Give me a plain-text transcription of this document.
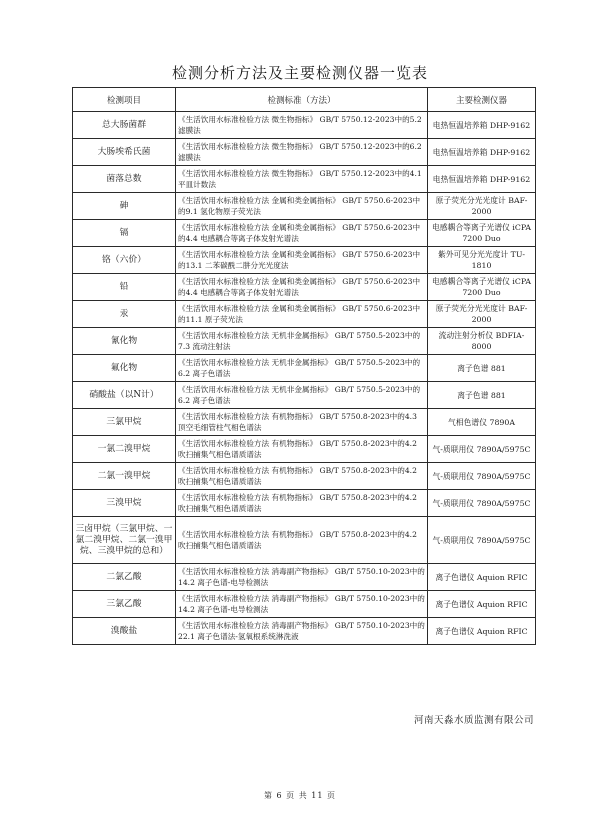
检测分析方法及主要检测仪器一览表
检测项目	检测标准（方法）	主要检测仪器
总大肠菌群	《生活饮用水标准检验方法 微生物指标》 GB/T 5750.12-2023中的5.2 滤膜法	电热恒温培养箱 DHP-9162
大肠埃希氏菌	《生活饮用水标准检验方法 微生物指标》 GB/T 5750.12-2023中的6.2 滤膜法	电热恒温培养箱 DHP-9162
菌落总数	《生活饮用水标准检验方法 微生物指标》 GB/T 5750.12-2023中的4.1 平皿计数法	电热恒温培养箱 DHP-9162
砷	《生活饮用水标准检验方法 金属和类金属指标》 GB/T 5750.6-2023中的9.1 氢化物原子荧光法	原子荧光分光光度计 BAF-2000
镉	《生活饮用水标准检验方法 金属和类金属指标》 GB/T 5750.6-2023中的4.4 电感耦合等离子体发射光谱法	电感耦合等离子光谱仪 iCPA 7200 Duo
铬（六价）	《生活饮用水标准检验方法 金属和类金属指标》 GB/T 5750.6-2023中的13.1 二苯碳酰二肼分光光度法	紫外可见分光光度计 TU-1810
铅	《生活饮用水标准检验方法 金属和类金属指标》 GB/T 5750.6-2023中的4.4 电感耦合等离子体发射光谱法	电感耦合等离子光谱仪 iCPA 7200 Duo
汞	《生活饮用水标准检验方法 金属和类金属指标》 GB/T 5750.6-2023中的11.1 原子荧光法	原子荧光分光光度计 BAF-2000
氰化物	《生活饮用水标准检验方法 无机非金属指标》 GB/T 5750.5-2023中的7.3 流动注射法	流动注射分析仪 BDFIA-8000
氟化物	《生活饮用水标准检验方法 无机非金属指标》 GB/T 5750.5-2023中的6.2 离子色谱法	离子色谱 881
硝酸盐（以N计）	《生活饮用水标准检验方法 无机非金属指标》 GB/T 5750.5-2023中的6.2 离子色谱法	离子色谱 881
三氯甲烷	《生活饮用水标准检验方法 有机物指标》 GB/T 5750.8-2023中的4.3 顶空毛细管柱气相色谱法	气相色谱仪 7890A
一氯二溴甲烷	《生活饮用水标准检验方法 有机物指标》 GB/T 5750.8-2023中的4.2 吹扫捕集气相色谱质谱法	气-质联用仪 7890A/5975C
二氯一溴甲烷	《生活饮用水标准检验方法 有机物指标》 GB/T 5750.8-2023中的4.2 吹扫捕集气相色谱质谱法	气-质联用仪 7890A/5975C
三溴甲烷	《生活饮用水标准检验方法 有机物指标》 GB/T 5750.8-2023中的4.2 吹扫捕集气相色谱质谱法	气-质联用仪 7890A/5975C
三卤甲烷（三氯甲烷、一氯二溴甲烷、二氯一溴甲烷、三溴甲烷的总和）	《生活饮用水标准检验方法 有机物指标》 GB/T 5750.8-2023中的4.2 吹扫捕集气相色谱质谱法	气-质联用仪 7890A/5975C
二氯乙酸	《生活饮用水标准检验方法 消毒副产物指标》 GB/T 5750.10-2023中的14.2 离子色谱-电导检测法	离子色谱仪 Aquion RFIC
三氯乙酸	《生活饮用水标准检验方法 消毒副产物指标》 GB/T 5750.10-2023中的14.2 离子色谱-电导检测法	离子色谱仪 Aquion RFIC
溴酸盐	《生活饮用水标准检验方法 消毒副产物指标》 GB/T 5750.10-2023中的22.1 离子色谱法-氢氧根系统淋洗液	离子色谱仪 Aquion RFIC
河南天淼水质监测有限公司
第 6 页 共 11 页
